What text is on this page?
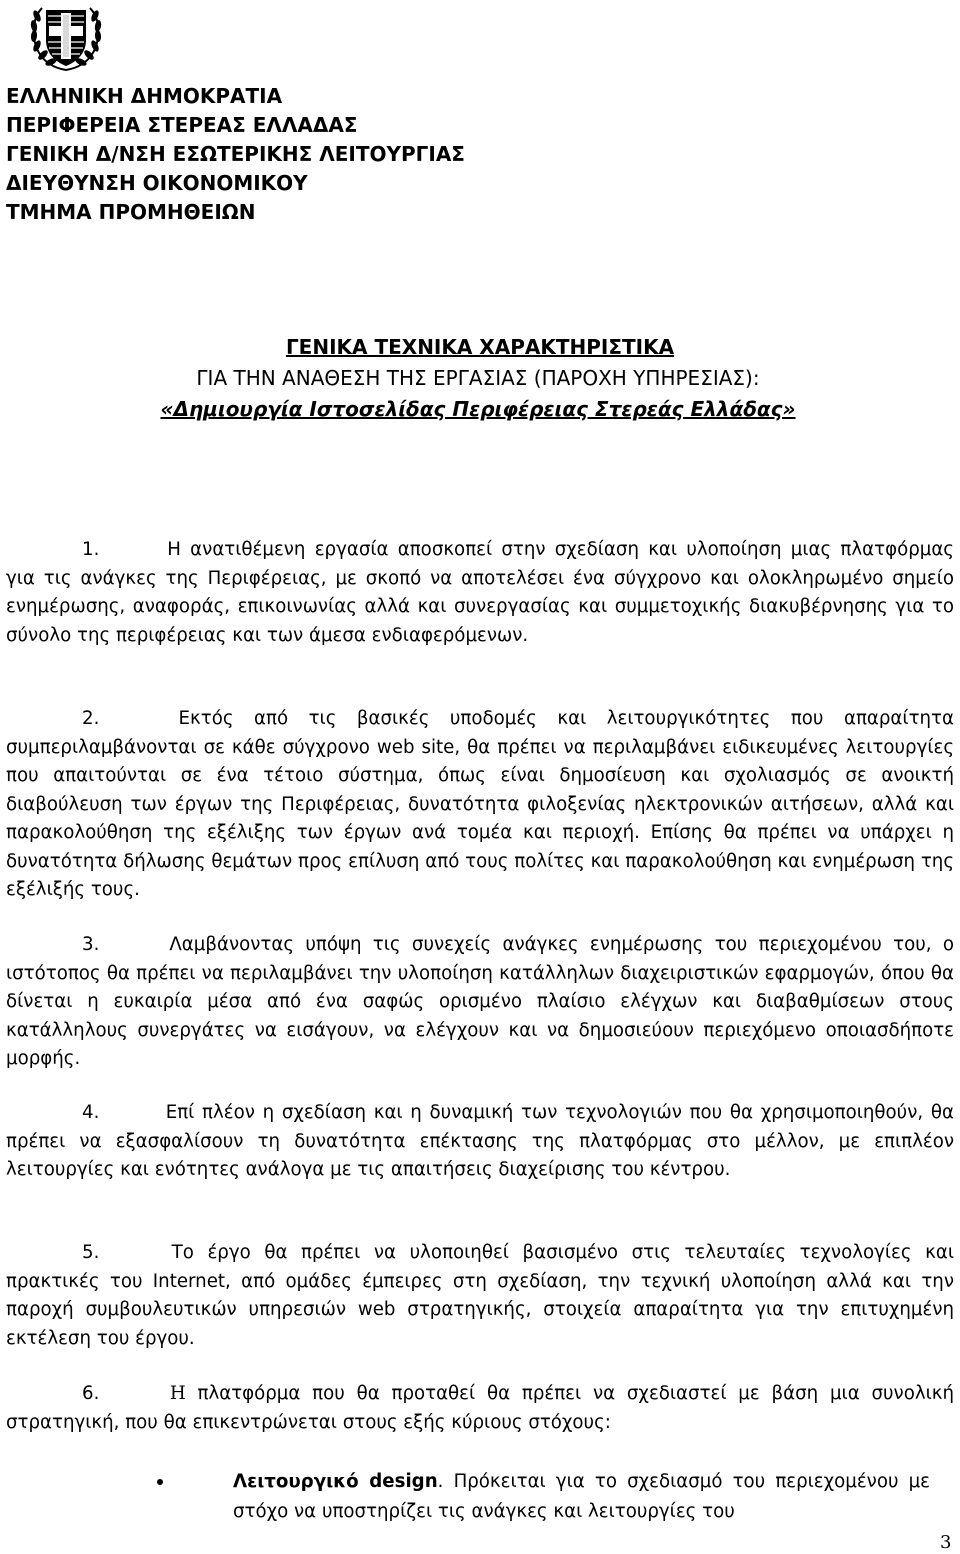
ΕΛΛΗΝΙΚΗ ΔΗΜΟΚΡΑΤΙΑ
ΠΕΡΙΦΕΡΕΙΑ ΣΤΕΡΕΑΣ ΕΛΛΑΔΑΣ
ΓΕΝΙΚΗ Δ/ΝΣΗ ΕΣΩΤΕΡΙΚΗΣ ΛΕΙΤΟΥΡΓΙΑΣ
ΔΙΕΥΘΥΝΣΗ ΟΙΚΟΝΟΜΙΚΟΥ
ΤΜΗΜΑ ΠΡΟΜΗΘΕΙΩΝ
ΓΕΝΙΚΑ ΤΕΧΝΙΚΑ ΧΑΡΑΚΤΗΡΙΣΤΙΚΑ
ΓΙΑ ΤΗΝ ΑΝΑΘΕΣΗ ΤΗΣ ΕΡΓΑΣΙΑΣ (ΠΑΡΟΧΗ ΥΠΗΡΕΣΙΑΣ):
«Δημιουργία Ιστοσελίδας Περιφέρειας Στερεάς Ελλάδας»
1.	Η ανατιθέμενη εργασία αποσκοπεί στην σχεδίαση και υλοποίηση μιας πλατφόρμας για τις ανάγκες της Περιφέρειας, με σκοπό να αποτελέσει ένα σύγχρονο και ολοκληρωμένο σημείο ενημέρωσης, αναφοράς, επικοινωνίας αλλά και συνεργασίας και συμμετοχικής διακυβέρνησης για το σύνολο της περιφέρειας και των άμεσα ενδιαφερόμενων.
2.	Εκτός από τις βασικές υποδομές και λειτουργικότητες που απαραίτητα συμπεριλαμβάνονται σε κάθε σύγχρονο web site, θα πρέπει να περιλαμβάνει ειδικευμένες λειτουργίες που απαιτούνται σε ένα τέτοιο σύστημα, όπως είναι δημοσίευση και σχολιασμός σε ανοικτή διαβούλευση των έργων της Περιφέρειας, δυνατότητα φιλοξενίας ηλεκτρονικών αιτήσεων, αλλά και παρακολούθηση της εξέλιξης των έργων ανά τομέα και περιοχή. Επίσης θα πρέπει να υπάρχει η δυνατότητα δήλωσης θεμάτων προς επίλυση από τους πολίτες και παρακολούθηση και ενημέρωση της εξέλιξής τους.
3.	Λαμβάνοντας υπόψη τις συνεχείς ανάγκες ενημέρωσης του περιεχομένου του, ο ιστότοπος θα πρέπει να περιλαμβάνει την υλοποίηση κατάλληλων διαχειριστικών εφαρμογών, όπου θα δίνεται η ευκαιρία μέσα από ένα σαφώς ορισμένο πλαίσιο ελέγχων και διαβαθμίσεων στους κατάλληλους συνεργάτες να εισάγουν, να ελέγχουν και να δημοσιεύουν περιεχόμενο οποιασδήποτε μορφής.
4.	Επί πλέον η σχεδίαση και η δυναμική των τεχνολογιών που θα χρησιμοποιηθούν, θα πρέπει να εξασφαλίσουν τη δυνατότητα επέκτασης της πλατφόρμας στο μέλλον, με επιπλέον λειτουργίες και ενότητες ανάλογα με τις απαιτήσεις διαχείρισης του κέντρου.
5.	Το έργο θα πρέπει να υλοποιηθεί βασισμένο στις τελευταίες τεχνολογίες και πρακτικές του Internet, από ομάδες έμπειρες στη σχεδίαση, την τεχνική υλοποίηση αλλά και την παροχή συμβουλευτικών υπηρεσιών web στρατηγικής, στοιχεία απαραίτητα για την επιτυχημένη εκτέλεση του έργου.
6.	Η πλατφόρμα που θα προταθεί θα πρέπει να σχεδιαστεί με βάση μια συνολική στρατηγική, που θα επικεντρώνεται στους εξής κύριους στόχους:
Λειτουργικό design. Πρόκειται για το σχεδιασμό του περιεχομένου με στόχο να υποστηρίζει τις ανάγκες και λειτουργίες του
3
